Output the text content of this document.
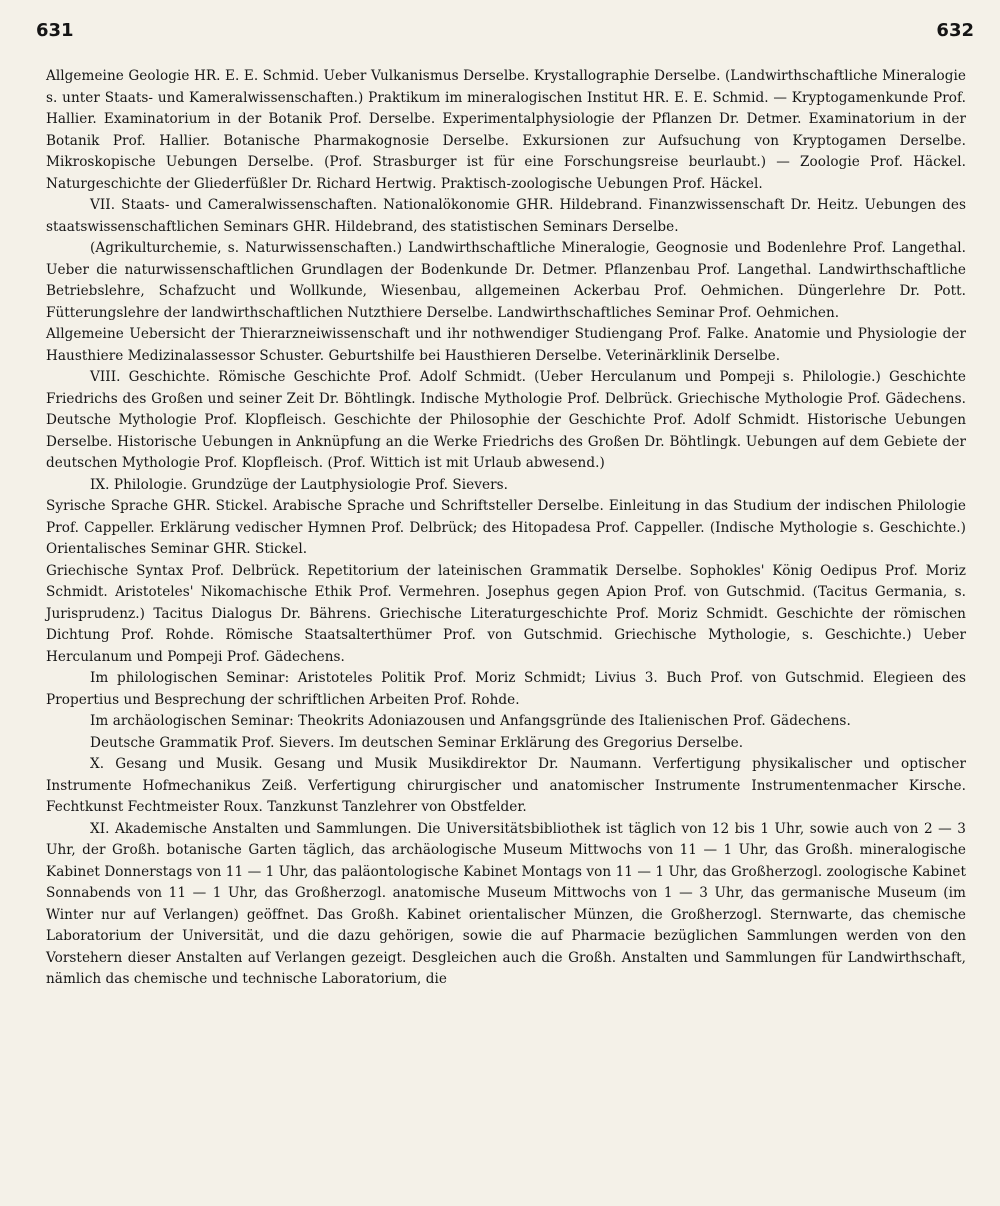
631	632

Allgemeine Geologie HR. E. E. Schmid. Ueber Vulkanismus Derselbe. Krystallographie Derselbe. (Landwirthschaftliche Mineralogie s. unter Staats- und Kameralwissenschaften.) Praktikum im mineralogischen Institut HR. E. E. Schmid. — Kryptogamenkunde Prof. Hallier. Examinatorium in der Botanik Prof. Derselbe. Experimentalphysiologie der Pflanzen Dr. Detmer. Examinatorium in der Botanik Prof. Hallier. Botanische Pharmakognosie Derselbe. Exkursionen zur Aufsuchung von Kryptogamen Derselbe. Mikroskopische Uebungen Derselbe. (Prof. Strasburger ist für eine Forschungsreise beurlaubt.) — Zoologie Prof. Häckel. Naturgeschichte der Gliederfüßler Dr. Richard Hertwig. Praktisch-zoologische Uebungen Prof. Häckel.

VII. Staats- und Cameralwissenschaften. Nationalökonomie GHR. Hildebrand. Finanzwissenschaft Dr. Heitz. Uebungen des staatswissenschaftlichen Seminars GHR. Hildebrand, des statistischen Seminars Derselbe.

(Agrikulturchemie, s. Naturwissenschaften.) Landwirthschaftliche Mineralogie, Geognosie und Bodenlehre Prof. Langethal. Ueber die naturwissenschaftlichen Grundlagen der Bodenkunde Dr. Detmer. Pflanzenbau Prof. Langethal. Landwirthschaftliche Betriebslehre, Schafzucht und Wollkunde, Wiesenbau, allgemeinen Ackerbau Prof. Oehmichen. Düngerlehre Dr. Pott. Fütterungslehre der landwirthschaftlichen Nutzthiere Derselbe. Landwirthschaftliches Seminar Prof. Oehmichen.

Allgemeine Uebersicht der Thierarzneiwissenschaft und ihr nothwendiger Studiengang Prof. Falke. Anatomie und Physiologie der Hausthiere Medizinalassessor Schuster. Geburtshilfe bei Hausthieren Derselbe. Veterinärklinik Derselbe.

VIII. Geschichte. Römische Geschichte Prof. Adolf Schmidt. (Ueber Herculanum und Pompeji s. Philologie.) Geschichte Friedrichs des Großen und seiner Zeit Dr. Böhtlingk. Indische Mythologie Prof. Delbrück. Griechische Mythologie Prof. Gädechens. Deutsche Mythologie Prof. Klopfleisch. Geschichte der Philosophie der Geschichte Prof. Adolf Schmidt. Historische Uebungen Derselbe. Historische Uebungen in Anknüpfung an die Werke Friedrichs des Großen Dr. Böhtlingk. Uebungen auf dem Gebiete der deutschen Mythologie Prof. Klopfleisch. (Prof. Wittich ist mit Urlaub abwesend.)

IX. Philologie. Grundzüge der Lautphysiologie Prof. Sievers.

Syrische Sprache GHR. Stickel. Arabische Sprache und Schriftsteller Derselbe. Einleitung in das Studium der indischen Philologie Prof. Cappeller. Erklärung vedischer Hymnen Prof. Delbrück; des Hitopadesa Prof. Cappeller. (Indische Mythologie s. Geschichte.) Orientalisches Seminar GHR. Stickel.

Griechische Syntax Prof. Delbrück. Repetitorium der lateinischen Grammatik Derselbe. Sophokles' König Oedipus Prof. Moriz Schmidt. Aristoteles' Nikomachische Ethik Prof. Vermehren. Josephus gegen Apion Prof. von Gutschmid. (Tacitus Germania, s. Jurisprudenz.) Tacitus Dialogus Dr. Bährens. Griechische Literaturgeschichte Prof. Moriz Schmidt. Geschichte der römischen Dichtung Prof. Rohde. Römische Staatsalterthümer Prof. von Gutschmid. Griechische Mythologie, s. Geschichte.) Ueber Herculanum und Pompeji Prof. Gädechens.

Im philologischen Seminar: Aristoteles Politik Prof. Moriz Schmidt; Livius 3. Buch Prof. von Gutschmid. Elegieen des Propertius und Besprechung der schriftlichen Arbeiten Prof. Rohde.

Im archäologischen Seminar: Theokrits Adoniazousen und Anfangsgründe des Italienischen Prof. Gädechens.

Deutsche Grammatik Prof. Sievers. Im deutschen Seminar Erklärung des Gregorius Derselbe.

X. Gesang und Musik. Gesang und Musik Musikdirektor Dr. Naumann. Verfertigung physikalischer und optischer Instrumente Hofmechanikus Zeiß. Verfertigung chirurgischer und anatomischer Instrumente Instrumentenmacher Kirsche. Fechtkunst Fechtmeister Roux. Tanzkunst Tanzlehrer von Obstfelder.

XI. Akademische Anstalten und Sammlungen. Die Universitätsbibliothek ist täglich von 12 bis 1 Uhr, sowie auch von 2 — 3 Uhr, der Großh. botanische Garten täglich, das archäologische Museum Mittwochs von 11 — 1 Uhr, das Großh. mineralogische Kabinet Donnerstags von 11 — 1 Uhr, das paläontologische Kabinet Montags von 11 — 1 Uhr, das Großherzogl. zoologische Kabinet Sonnabends von 11 — 1 Uhr, das Großherzogl. anatomische Museum Mittwochs von 1 — 3 Uhr, das germanische Museum (im Winter nur auf Verlangen) geöffnet. Das Großh. Kabinet orientalischer Münzen, die Großherzogl. Sternwarte, das chemische Laboratorium der Universität, und die dazu gehörigen, sowie die auf Pharmacie bezüglichen Sammlungen werden von den Vorstehern dieser Anstalten auf Verlangen gezeigt. Desgleichen auch die Großh. Anstalten und Sammlungen für Landwirthschaft, nämlich das chemische und technische Laboratorium, die
